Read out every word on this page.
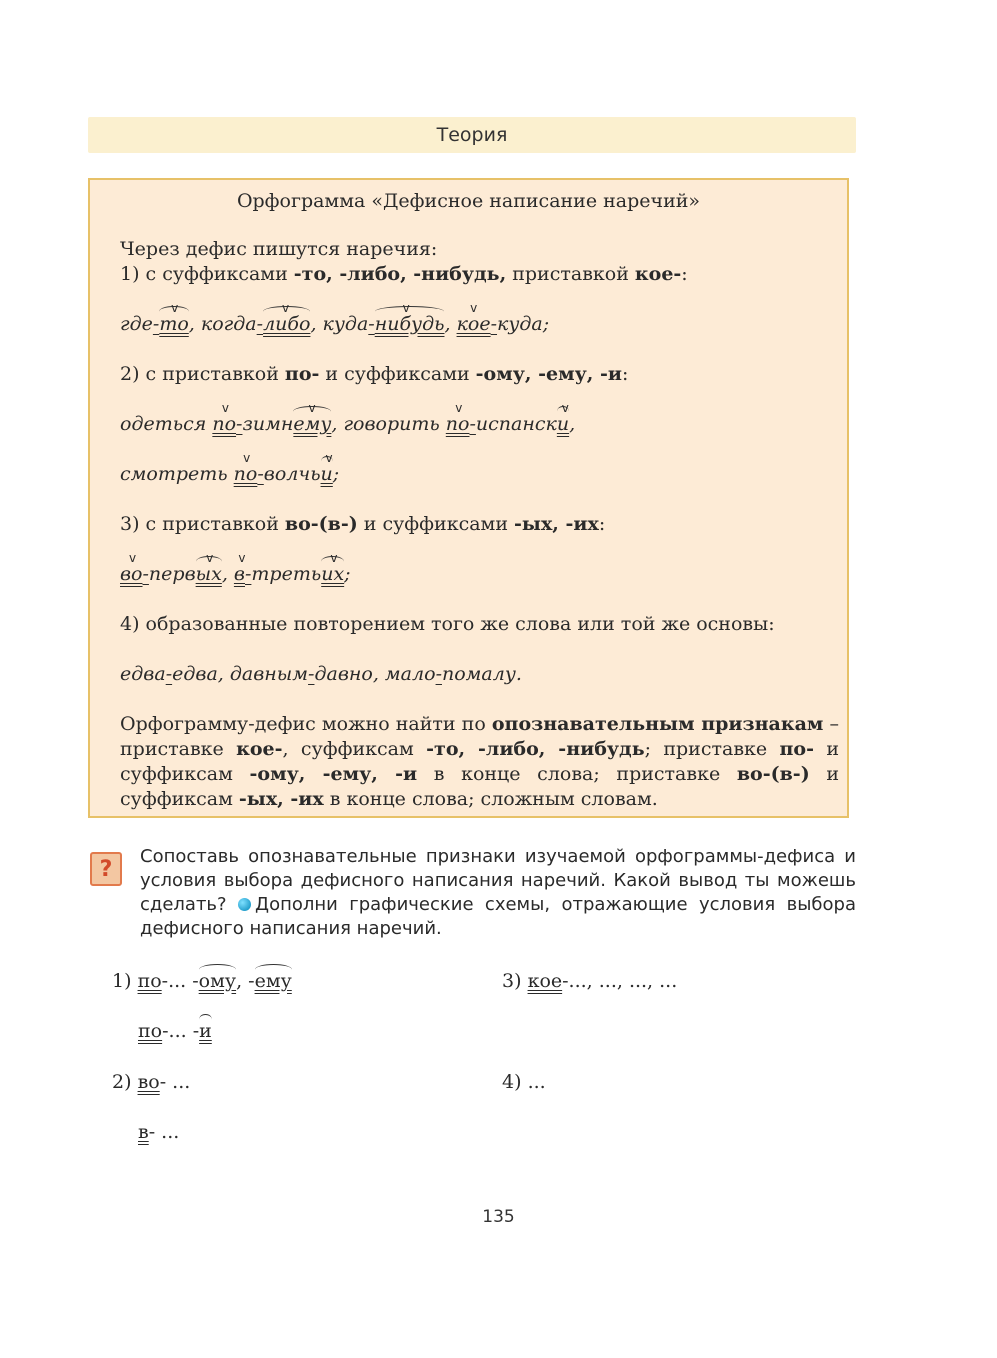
Теория
Орфограмма «Дефисное написание наречий»

Через дефис пишутся наречия:

1) с суффиксами -то, -либо, -нибудь, приставкой кое-:

где-то v, когда-либо v, куда-нибудь v, кое v-куда;

2) с приставкой по- и суффиксами -ому, -ему, -и:

одеться по v-зимнему v, говорить по v-испански v,

смотреть по v-волчьи v;

3) с приставкой во-(в-) и суффиксами -ых, -их:

во v-первых v, в v-третьих v;

4) образованные повторением того же слова или той же основы:

едва-едва, давным-давно, мало-помалу.

Орфограмму-дефис можно найти по опознавательным признакам – приставке кое-, суффиксам -то, -либо, -нибудь; приставке по- и суффиксам -ому, -ему, -и в конце слова; приставке во-(в-) и суффиксам -ых, -их в конце слова; сложным словам.

? Сопоставь опознавательные признаки изучаемой орфограммы-дефиса и условия выбора дефисного написания наречий. Какой вывод ты можешь сделать? Дополни графические схемы, отражающие условия выбора дефисного написания наречий.
1) по-... -ому, -ему
по-... -и
2) во- ...
в- ...
3) кое-..., ..., ..., ...
4) ...
135
